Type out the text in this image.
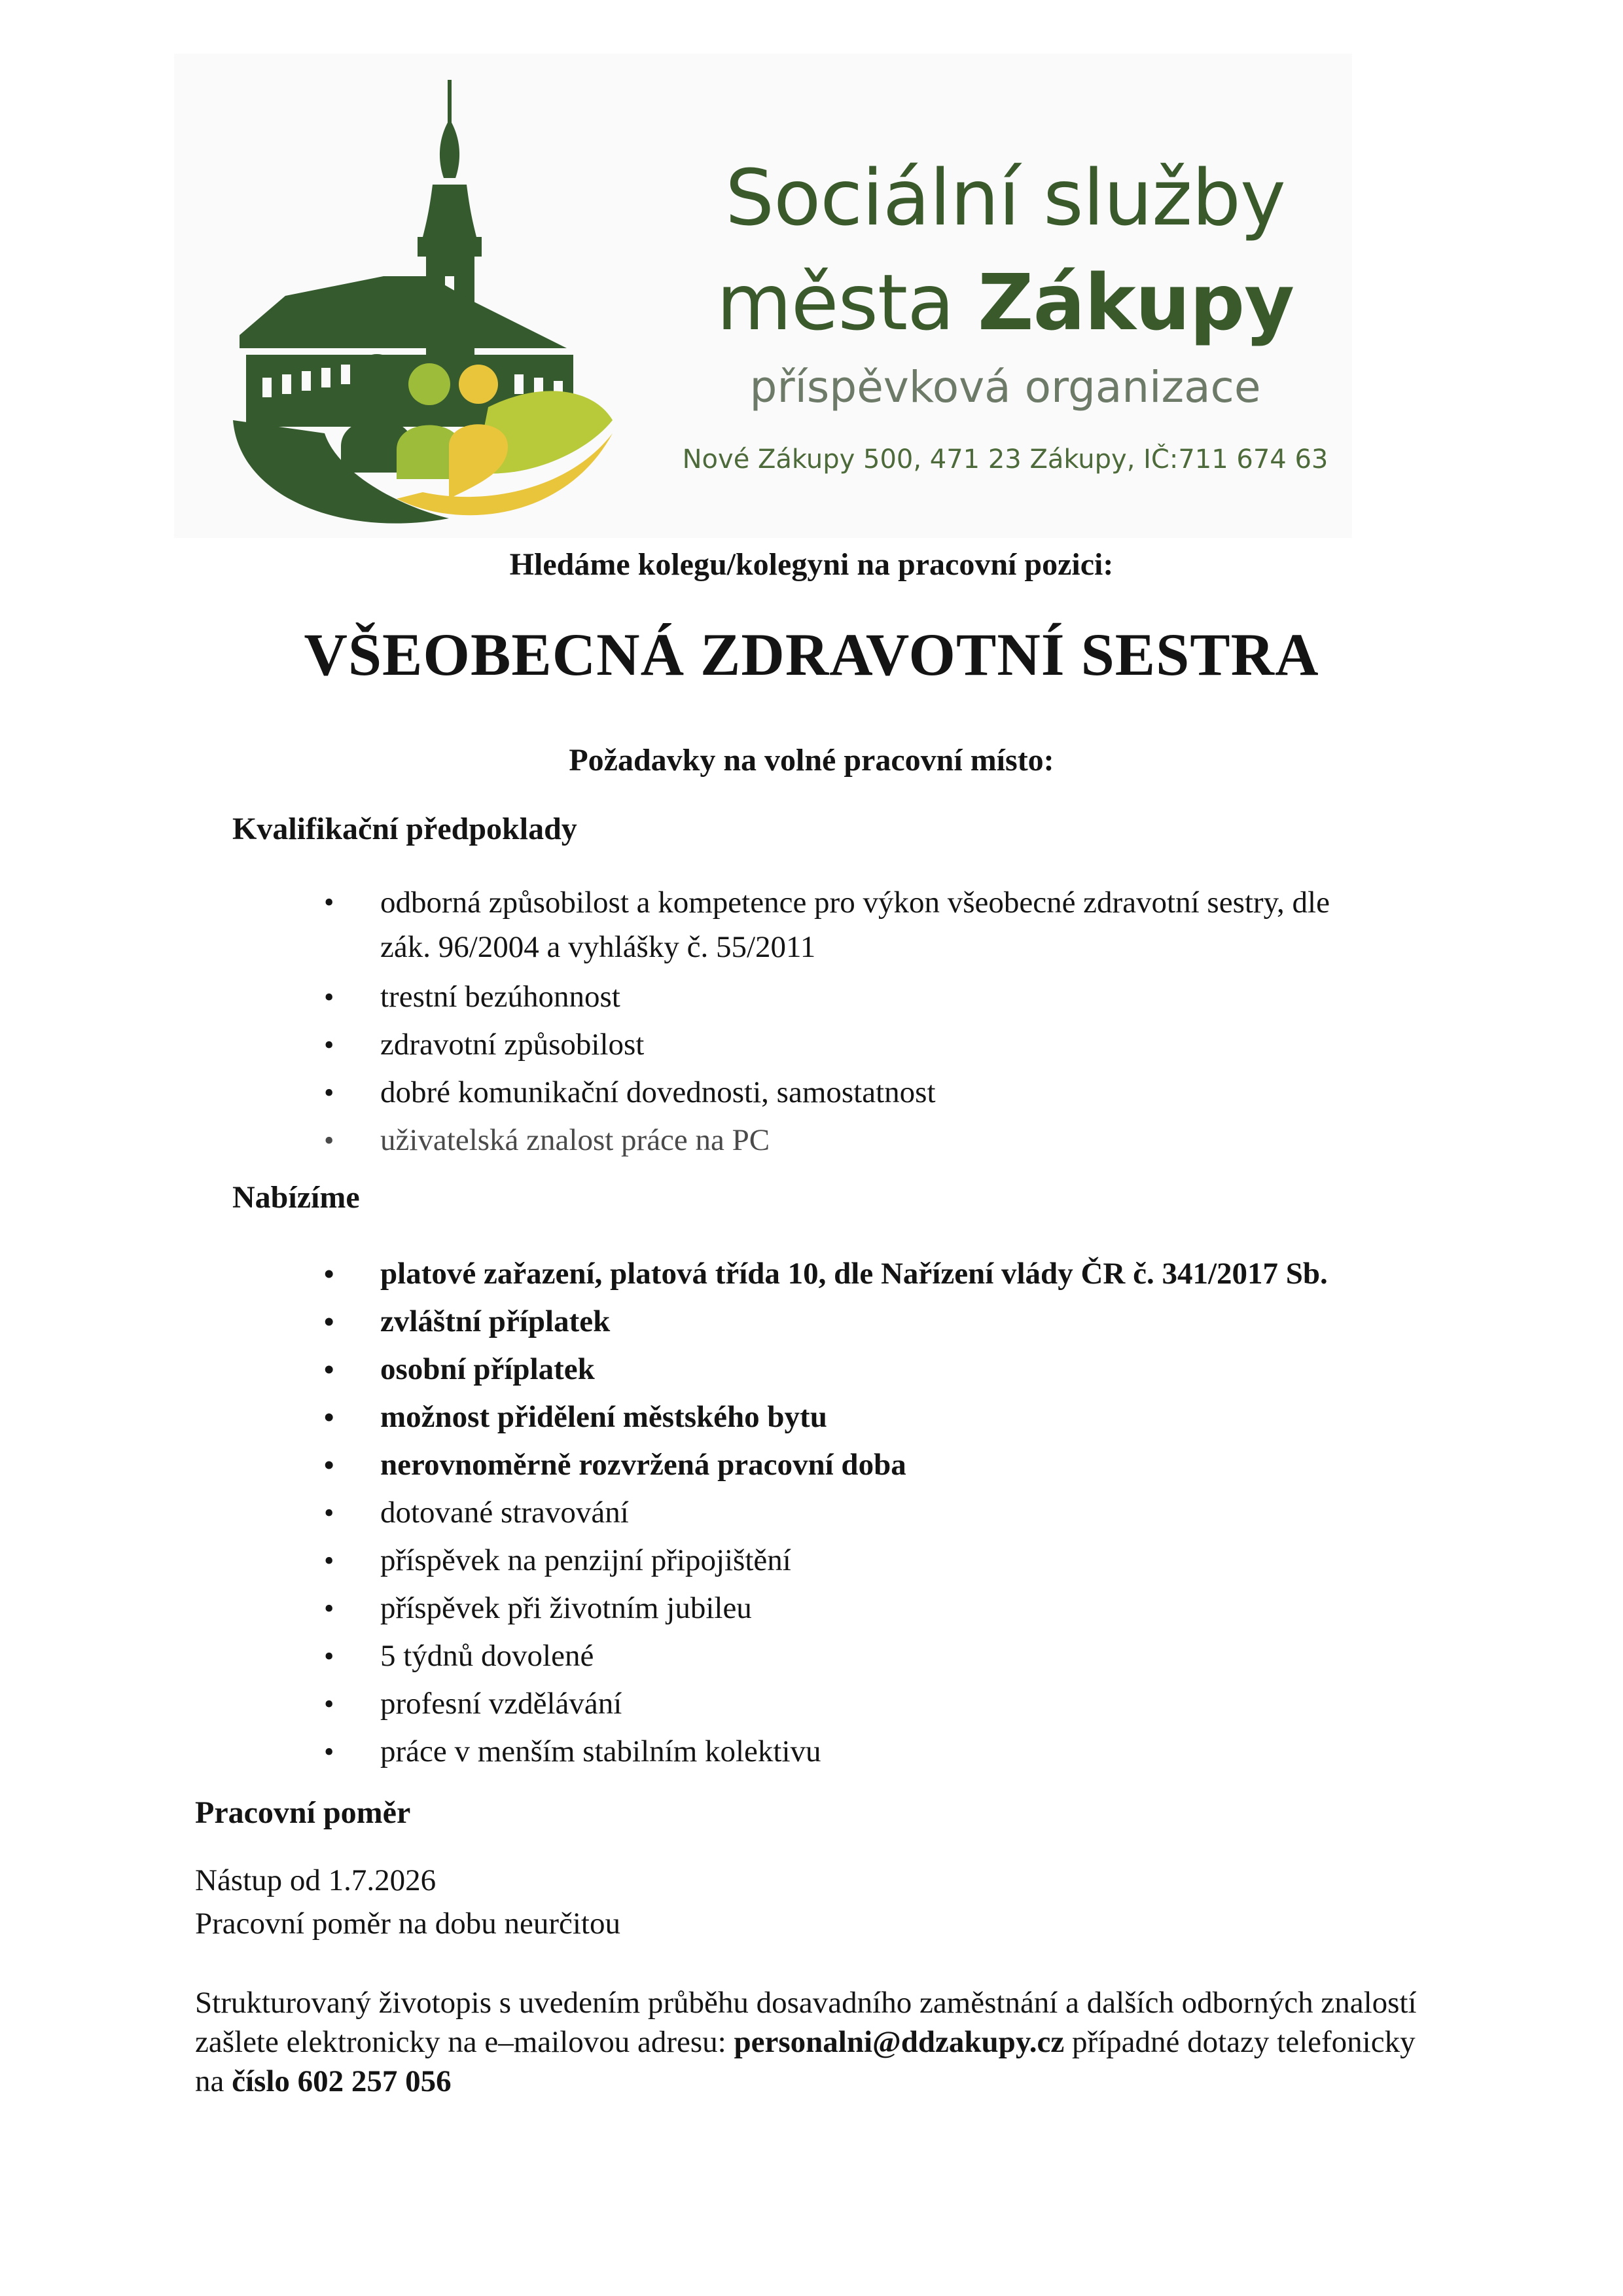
Sociální služby
města Zákupy
příspěvková organizace
Nové Zákupy 500, 471 23 Zákupy, IČ:711 674 63
Hledáme kolegu/kolegyni na pracovní pozici:
VŠEOBECNÁ ZDRAVOTNÍ SESTRA
Požadavky na volné pracovní místo:
Kvalifikační předpoklady
• odborná způsobilost a kompetence pro výkon všeobecné zdravotní sestry, dle zák. 96/2004 a vyhlášky č. 55/2011
• trestní bezúhonnost
• zdravotní způsobilost
• dobré komunikační dovednosti, samostatnost
• uživatelská znalost práce na PC
Nabízíme
• platové zařazení, platová třída 10, dle Nařízení vlády ČR č. 341/2017 Sb.
• zvláštní příplatek
• osobní příplatek
• možnost přidělení městského bytu
• nerovnoměrně rozvržená pracovní doba
• dotované stravování
• příspěvek na penzijní připojištění
• příspěvek při životním jubileu
• 5 týdnů dovolené
• profesní vzdělávání
• práce v menším stabilním kolektivu
Pracovní poměr
Nástup od 1.7.2026
Pracovní poměr na dobu neurčitou
Strukturovaný životopis s uvedením průběhu dosavadního zaměstnání a dalších odborných znalostí zašlete elektronicky na e–mailovou adresu: personalni@ddzakupy.cz případné dotazy telefonicky na číslo 602 257 056
